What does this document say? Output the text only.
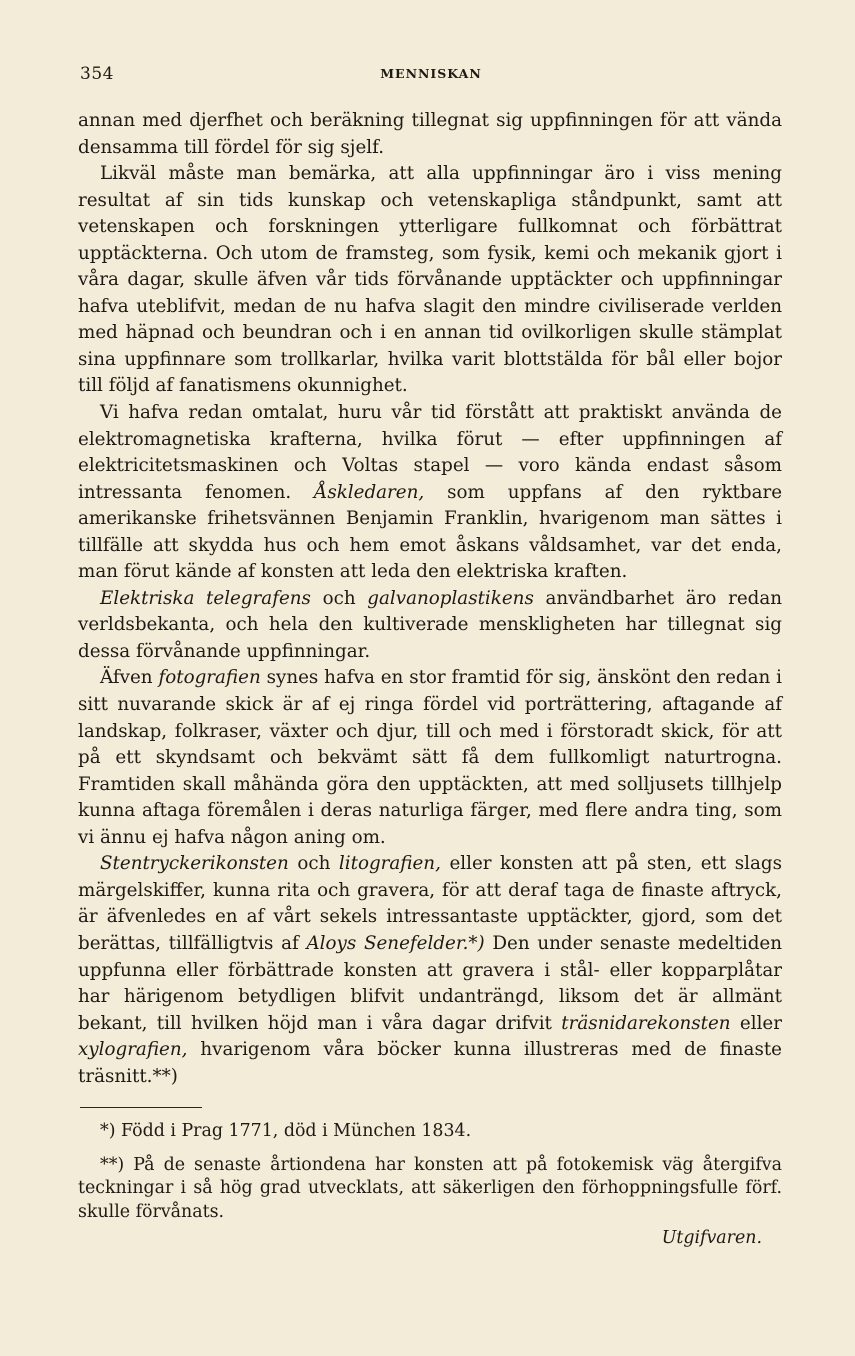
354	MENNISKAN

annan med djerfhet och beräkning tillegnat sig uppfinningen för att vända densamma till fördel för sig sjelf.

Likväl måste man bemärka, att alla uppfinningar äro i viss mening resultat af sin tids kunskap och vetenskapliga ståndpunkt, samt att vetenskapen och forskningen ytterligare fullkomnat och förbättrat upptäckterna. Och utom de framsteg, som fysik, kemi och mekanik gjort i våra dagar, skulle äfven vår tids förvånande upptäckter och uppfinningar hafva uteblifvit, medan de nu hafva slagit den mindre civiliserade verlden med häpnad och beundran och i en annan tid ovilkorligen skulle stämplat sina uppfinnare som trollkarlar, hvilka varit blottstälda för bål eller bojor till följd af fanatismens okunnighet.

Vi hafva redan omtalat, huru vår tid förstått att praktiskt använda de elektromagnetiska krafterna, hvilka förut — efter uppfinningen af elektricitetsmaskinen och Voltas stapel — voro kända endast såsom intressanta fenomen. Åskledaren, som uppfans af den ryktbare amerikanske frihetsvännen Benjamin Franklin, hvarigenom man sättes i tillfälle att skydda hus och hem emot åskans våldsamhet, var det enda, man förut kände af konsten att leda den elektriska kraften.

Elektriska telegrafens och galvanoplastikens användbarhet äro redan verldsbekanta, och hela den kultiverade menskligheten har tillegnat sig dessa förvånande uppfinningar.

Äfven fotografien synes hafva en stor framtid för sig, änskönt den redan i sitt nuvarande skick är af ej ringa fördel vid porträttering, aftagande af landskap, folkraser, växter och djur, till och med i förstoradt skick, för att på ett skyndsamt och bekvämt sätt få dem fullkomligt naturtrogna. Framtiden skall måhända göra den upptäckten, att med solljusets tillhjelp kunna aftaga föremålen i deras naturliga färger, med flere andra ting, som vi ännu ej hafva någon aning om.

Stentryckerikonsten och litografien, eller konsten att på sten, ett slags märgelskiffer, kunna rita och gravera, för att deraf taga de finaste aftryck, är äfvenledes en af vårt sekels intressantaste upptäckter, gjord, som det berättas, tillfälligtvis af Aloys Senefelder.*) Den under senaste medeltiden uppfunna eller förbättrade konsten att gravera i stål- eller kopparplåtar har härigenom betydligen blifvit undanträngd, liksom det är allmänt bekant, till hvilken höjd man i våra dagar drifvit träsnidarekonsten eller xylografien, hvarigenom våra böcker kunna illustreras med de finaste träsnitt.**)

*) Född i Prag 1771, död i München 1834.

**) På de senaste årtiondena har konsten att på fotokemisk väg återgifva teckningar i så hög grad utvecklats, att säkerligen den förhoppningsfulle förf. skulle förvånats.

Utgifvaren.
